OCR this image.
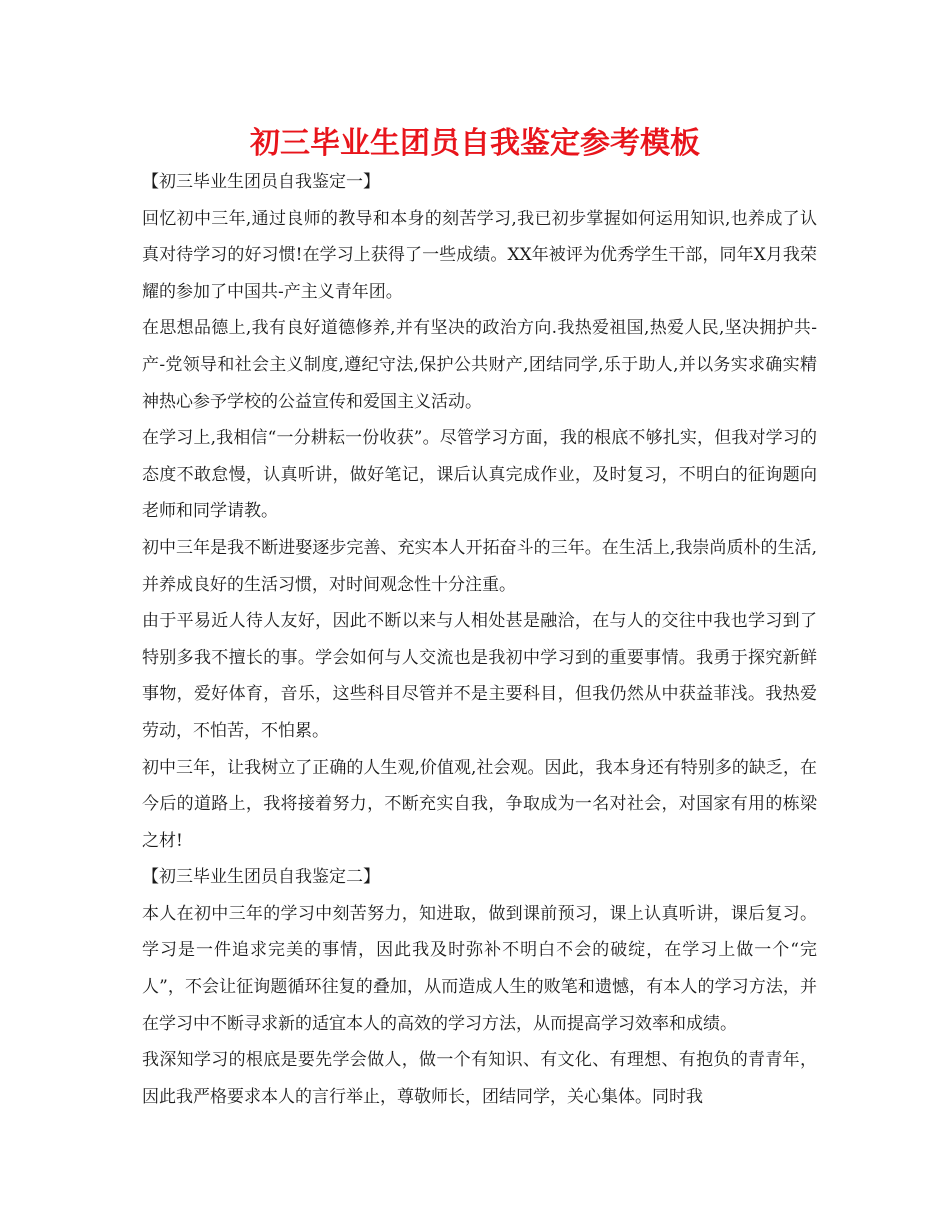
初三毕业生团员自我鉴定参考模板

【初三毕业生团员自我鉴定一】

回忆初中三年,通过良师的教导和本身的刻苦学习,我已初步掌握如何运用知识,也养成了认真对待学习的好习惯!在学习上获得了一些成绩。XX年被评为优秀学生干部，同年X月我荣耀的参加了中国共-产主义青年团。

在思想品德上,我有良好道德修养,并有坚决的政治方向.我热爱祖国,热爱人民,坚决拥护共-产-党领导和社会主义制度,遵纪守法,保护公共财产,团结同学,乐于助人,并以务实求确实精神热心参予学校的公益宣传和爱国主义活动。

在学习上,我相信“一分耕耘一份收获”。尽管学习方面，我的根底不够扎实，但我对学习的态度不敢怠慢，认真听讲，做好笔记，课后认真完成作业，及时复习，不明白的征询题向老师和同学请教。

初中三年是我不断进娶逐步完善、充实本人开拓奋斗的三年。在生活上,我崇尚质朴的生活,并养成良好的生活习惯，对时间观念性十分注重。

由于平易近人待人友好，因此不断以来与人相处甚是融洽，在与人的交往中我也学习到了特别多我不擅长的事。学会如何与人交流也是我初中学习到的重要事情。我勇于探究新鲜事物，爱好体育，音乐，这些科目尽管并不是主要科目，但我仍然从中获益菲浅。我热爱劳动，不怕苦，不怕累。

初中三年，让我树立了正确的人生观,价值观,社会观。因此，我本身还有特别多的缺乏，在今后的道路上，我将接着努力，不断充实自我，争取成为一名对社会，对国家有用的栋梁之材!

【初三毕业生团员自我鉴定二】

本人在初中三年的学习中刻苦努力，知进取，做到课前预习，课上认真听讲，课后复习。学习是一件追求完美的事情，因此我及时弥补不明白不会的破绽，在学习上做一个“完人”，不会让征询题循环往复的叠加，从而造成人生的败笔和遗憾，有本人的学习方法，并在学习中不断寻求新的适宜本人的高效的学习方法，从而提高学习效率和成绩。

我深知学习的根底是要先学会做人，做一个有知识、有文化、有理想、有抱负的青青年，因此我严格要求本人的言行举止，尊敬师长，团结同学，关心集体。同时我
